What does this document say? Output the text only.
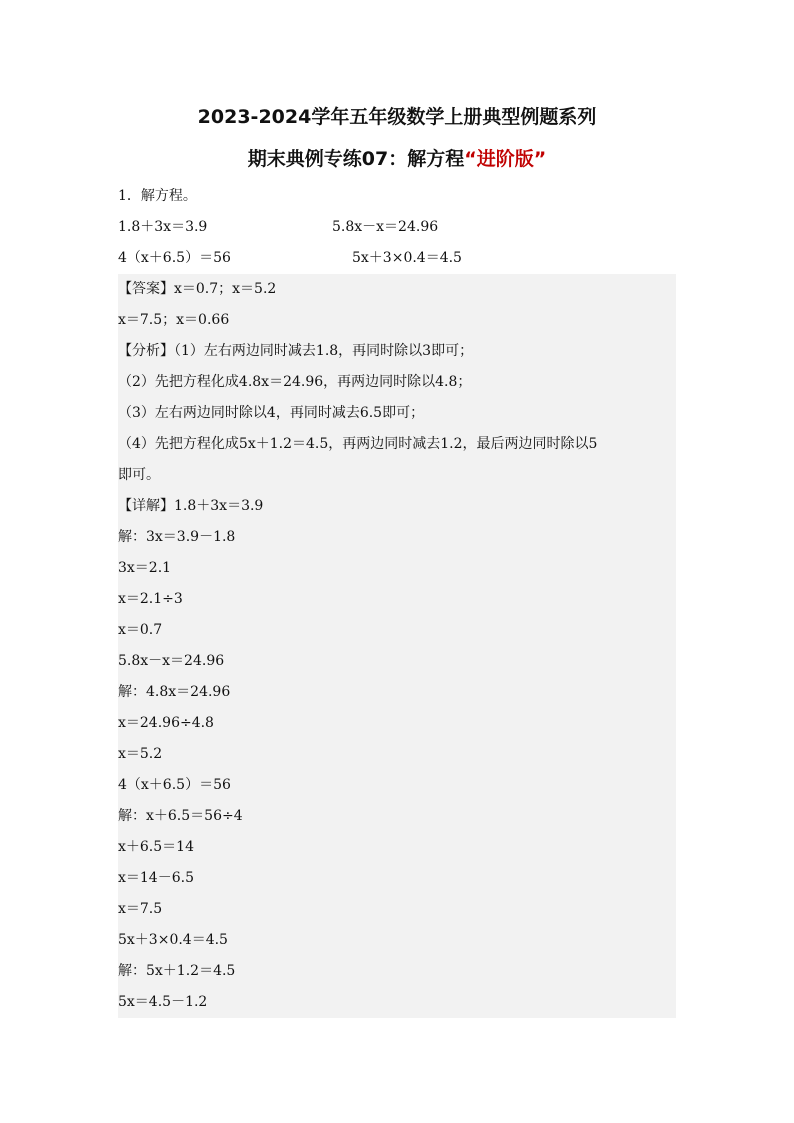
2023-2024学年五年级数学上册典型例题系列
期末典例专练07：解方程“进阶版”
1．解方程。
1.8＋3x＝3.9	5.8x－x＝24.96
4（x＋6.5）＝56	5x＋3×0.4＝4.5
【答案】x＝0.7；x＝5.2
x＝7.5；x＝0.66
【分析】（1）左右两边同时减去1.8，再同时除以3即可；
（2）先把方程化成4.8x＝24.96，再两边同时除以4.8；
（3）左右两边同时除以4，再同时减去6.5即可；
（4）先把方程化成5x＋1.2＝4.5，再两边同时减去1.2，最后两边同时除以5
即可。
【详解】1.8＋3x＝3.9
解：3x＝3.9－1.8
3x＝2.1
x＝2.1÷3
x＝0.7
5.8x－x＝24.96
解：4.8x＝24.96
x＝24.96÷4.8
x＝5.2
4（x＋6.5）＝56
解：x＋6.5＝56÷4
x＋6.5＝14
x＝14－6.5
x＝7.5
5x＋3×0.4＝4.5
解：5x＋1.2＝4.5
5x＝4.5－1.2
